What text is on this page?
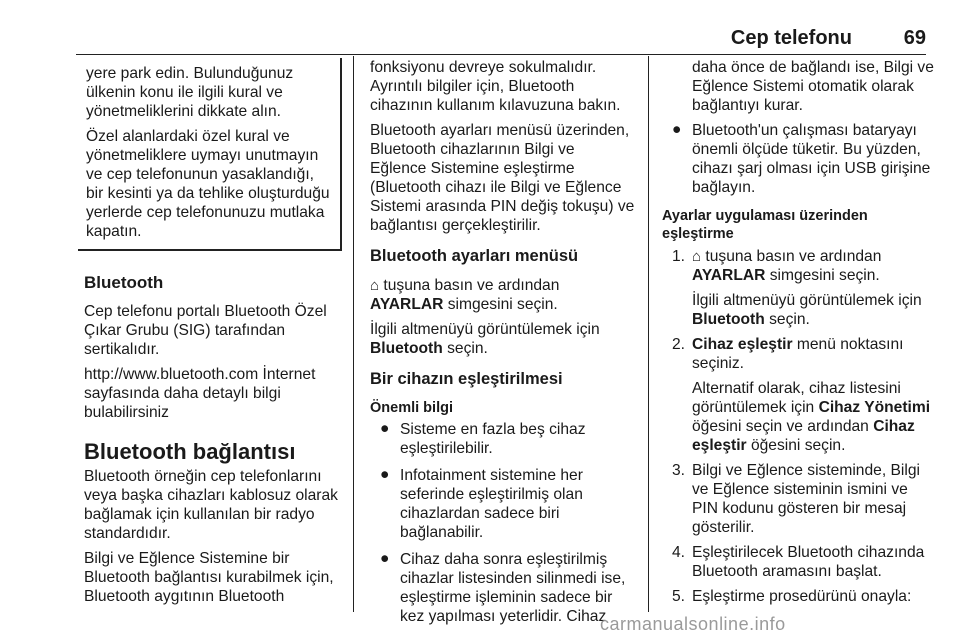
Cep telefonu	69

yere park edin. Bulunduğunuz ülkenin konu ile ilgili kural ve yönetmeliklerini dikkate alın.

Özel alanlardaki özel kural ve yönetmeliklere uymayı unutmayın ve cep telefonunun yasaklandığı, bir kesinti ya da tehlike oluşturduğu yerlerde cep telefonunuzu mutlaka kapatın.

Bluetooth

Cep telefonu portalı Bluetooth Özel Çıkar Grubu (SIG) tarafından sertikalıdır.

http://www.bluetooth.com İnternet sayfasında daha detaylı bilgi bulabilirsiniz

Bluetooth bağlantısı

Bluetooth örneğin cep telefonlarını veya başka cihazları kablosuz olarak bağlamak için kullanılan bir radyo standardıdır.

Bilgi ve Eğlence Sistemine bir Bluetooth bağlantısı kurabilmek için, Bluetooth aygıtının Bluetooth

fonksiyonu devreye sokulmalıdır. Ayrıntılı bilgiler için, Bluetooth cihazının kullanım kılavuzuna bakın.

Bluetooth ayarları menüsü üzerinden, Bluetooth cihazlarının Bilgi ve Eğlence Sistemine eşleştirme (Bluetooth cihazı ile Bilgi ve Eğlence Sistemi arasında PIN değiş tokuşu) ve bağlantısı gerçekleştirilir.

Bluetooth ayarları menüsü

⌂ tuşuna basın ve ardından
AYARLAR simgesini seçin.

İlgili altmenüyü görüntülemek için
Bluetooth seçin.

Bir cihazın eşleştirilmesi
Önemli bilgi
● Sisteme en fazla beş cihaz eşleştirilebilir.
● Infotainment sistemine her seferinde eşleştirilmiş olan cihazlardan sadece biri bağlanabilir.
● Cihaz daha sonra eşleştirilmiş cihazlar listesinden silinmedi ise, eşleştirme işleminin sadece bir kez yapılması yeterlidir. Cihaz

daha önce de bağlandı ise, Bilgi ve Eğlence Sistemi otomatik olarak bağlantıyı kurar.

● Bluetooth'un çalışması bataryayı önemli ölçüde tüketir. Bu yüzden, cihazı şarj olması için USB girişine bağlayın.
Ayarlar uygulaması üzerinden eşleştirme
1. ⌂ tuşuna basın ve ardından
AYARLAR simgesini seçin.

İlgili altmenüyü görüntülemek için
Bluetooth seçin.

2. Cihaz eşleştir menü noktasını seçiniz.

Alternatif olarak, cihaz listesini görüntülemek için Cihaz Yönetimi öğesini seçin ve ardından Cihaz eşleştir öğesini seçin.

3. Bilgi ve Eğlence sisteminde, Bilgi ve Eğlence sisteminin ismini ve PIN kodunu gösteren bir mesaj gösterilir.

4. Eşleştirilecek Bluetooth cihazında Bluetooth aramasını başlat.

5. Eşleştirme prosedürünü onayla:

carmanualsonline.info
